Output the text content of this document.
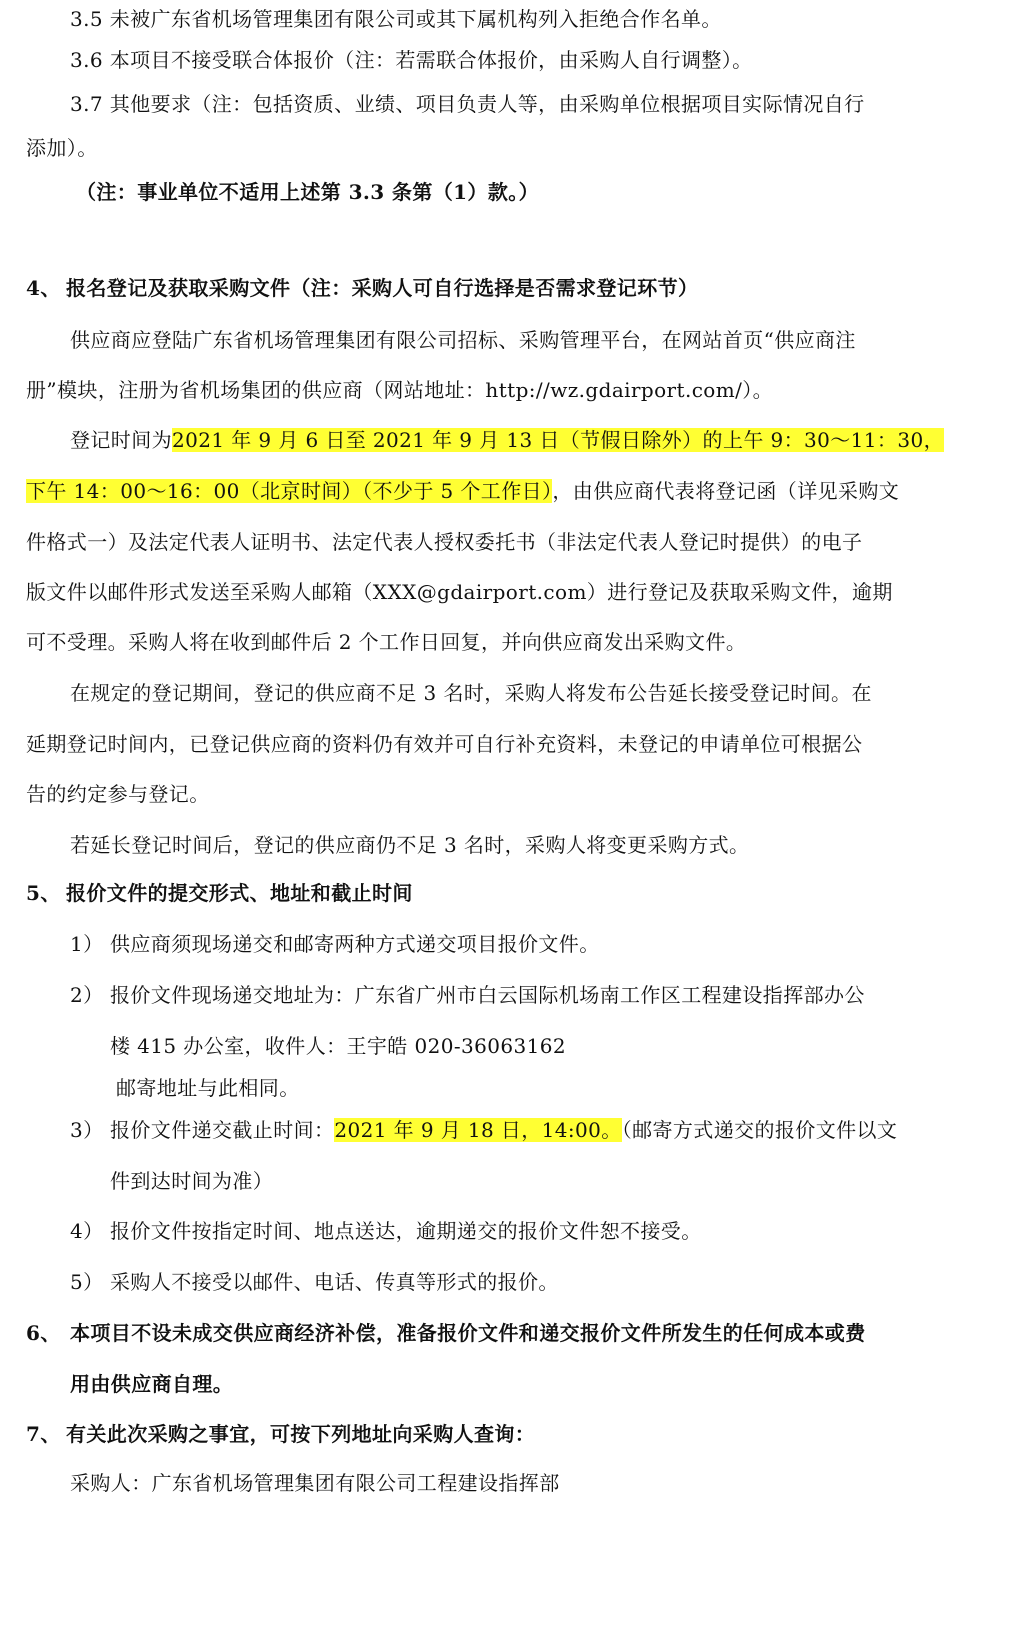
3.5 未被广东省机场管理集团有限公司或其下属机构列入拒绝合作名单。
3.6 本项目不接受联合体报价（注：若需联合体报价，由采购人自行调整）。
3.7 其他要求（注：包括资质、业绩、项目负责人等，由采购单位根据项目实际情况自行
添加）。
（注：事业单位不适用上述第 3.3 条第（1）款。）
4、 报名登记及获取采购文件（注：采购人可自行选择是否需求登记环节）
供应商应登陆广东省机场管理集团有限公司招标、采购管理平台，在网站首页“供应商注
册”模块，注册为省机场集团的供应商（网站地址：http://wz.gdairport.com/）。
登记时间为2021 年 9 月 6 日至 2021 年 9 月 13 日（节假日除外）的上午 9：30～11：30，
下午 14：00～16：00（北京时间）（不少于 5 个工作日），由供应商代表将登记函（详见采购文
件格式一）及法定代表人证明书、法定代表人授权委托书（非法定代表人登记时提供）的电子
版文件以邮件形式发送至采购人邮箱（XXX@gdairport.com）进行登记及获取采购文件，逾期
可不受理。采购人将在收到邮件后 2 个工作日回复，并向供应商发出采购文件。
在规定的登记期间，登记的供应商不足 3 名时，采购人将发布公告延长接受登记时间。在
延期登记时间内，已登记供应商的资料仍有效并可自行补充资料，未登记的申请单位可根据公
告的约定参与登记。
若延长登记时间后，登记的供应商仍不足 3 名时，采购人将变更采购方式。
5、 报价文件的提交形式、地址和截止时间
1） 供应商须现场递交和邮寄两种方式递交项目报价文件。
2） 报价文件现场递交地址为：广东省广州市白云国际机场南工作区工程建设指挥部办公
楼 415 办公室，收件人：王宇皓 020-36063162
邮寄地址与此相同。
3） 报价文件递交截止时间：2021 年 9 月 18 日，14:00。（邮寄方式递交的报价文件以文
件到达时间为准）
4） 报价文件按指定时间、地点送达，逾期递交的报价文件恕不接受。
5） 采购人不接受以邮件、电话、传真等形式的报价。
6、 本项目不设未成交供应商经济补偿，准备报价文件和递交报价文件所发生的任何成本或费
用由供应商自理。
7、 有关此次采购之事宜，可按下列地址向采购人查询：
采购人：广东省机场管理集团有限公司工程建设指挥部
